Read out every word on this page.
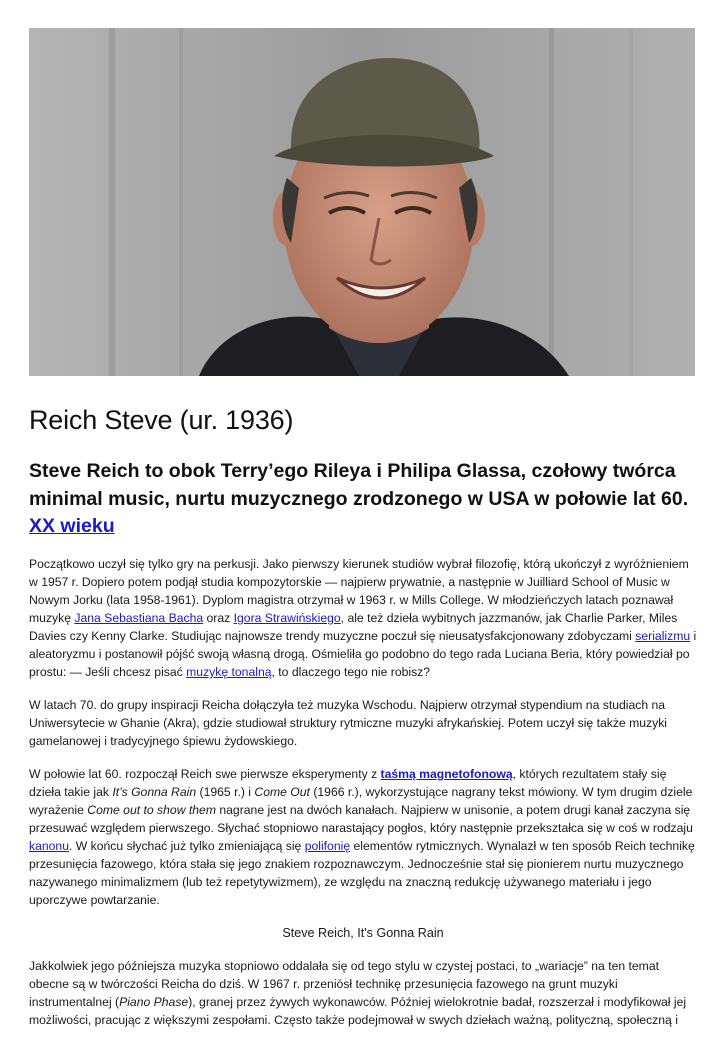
Reich Steve (ur. 1936)
Steve Reich to obok Terry’ego Rileya i Philipa Glassa, czołowy twórca minimal music, nurtu muzycznego zrodzonego w USA w połowie lat 60. XX wieku

Początkowo uczył się tylko gry na perkusji. Jako pierwszy kierunek studiów wybrał filozofię, którą ukończył z wyróżnieniem w 1957 r. Dopiero potem podjął studia kompozytorskie — najpierw prywatnie, a następnie w Juilliard School of Music w Nowym Jorku (lata 1958-1961). Dyplom magistra otrzymał w 1963 r. w Mills College. W młodzieńczych latach poznawał muzykę Jana Sebastiana Bacha oraz Igora Strawińskiego, ale też dzieła wybitnych jazzmanów, jak Charlie Parker, Miles Davies czy Kenny Clarke. Studiując najnowsze trendy muzyczne poczuł się nieusatysfakcjonowany zdobyczami serializmu i aleatoryzmu i postanowił pójść swoją własną drogą. Ośmieliła go podobno do tego rada Luciana Beria, który powiedział po prostu: — Jeśli chcesz pisać muzykę tonalną, to dlaczego tego nie robisz?

W latach 70. do grupy inspiracji Reicha dołączyła też muzyka Wschodu. Najpierw otrzymał stypendium na studiach na Uniwersytecie w Ghanie (Akra), gdzie studiował struktury rytmiczne muzyki afrykańskiej. Potem uczył się także muzyki gamelanowej i tradycyjnego śpiewu żydowskiego.

W połowie lat 60. rozpoczął Reich swe pierwsze eksperymenty z taśmą magnetofonową, których rezultatem stały się dzieła takie jak It’s Gonna Rain (1965 r.) i Come Out (1966 r.), wykorzystujące nagrany tekst mówiony. W tym drugim dziele wyrażenie Come out to show them nagrane jest na dwóch kanałach. Najpierw w unisonie, a potem drugi kanał zaczyna się przesuwać względem pierwszego. Słychać stopniowo narastający pogłos, który następnie przekształca się w coś w rodzaju kanonu. W końcu słychać już tylko zmieniającą się polifonię elementów rytmicznych. Wynalazł w ten sposób Reich technikę przesunięcia fazowego, która stała się jego znakiem rozpoznawczym. Jednocześnie stał się pionierem nurtu muzycznego nazywanego minimalizmem (lub też repetytywizmem), ze względu na znaczną redukcję używanego materiału i jego uporczywe powtarzanie.

Steve Reich, It's Gonna Rain

Jakkolwiek jego późniejsza muzyka stopniowo oddalała się od tego stylu w czystej postaci, to „wariacje” na ten temat obecne są w twórczości Reicha do dziś. W 1967 r. przeniósł technikę przesunięcia fazowego na grunt muzyki instrumentalnej (Piano Phase), granej przez żywych wykonawców. Później wielokrotnie badał, rozszerzał i modyfikował jej możliwości, pracując z większymi zespołami. Często także podejmował w swych dziełach ważną, polityczną, społeczną i
